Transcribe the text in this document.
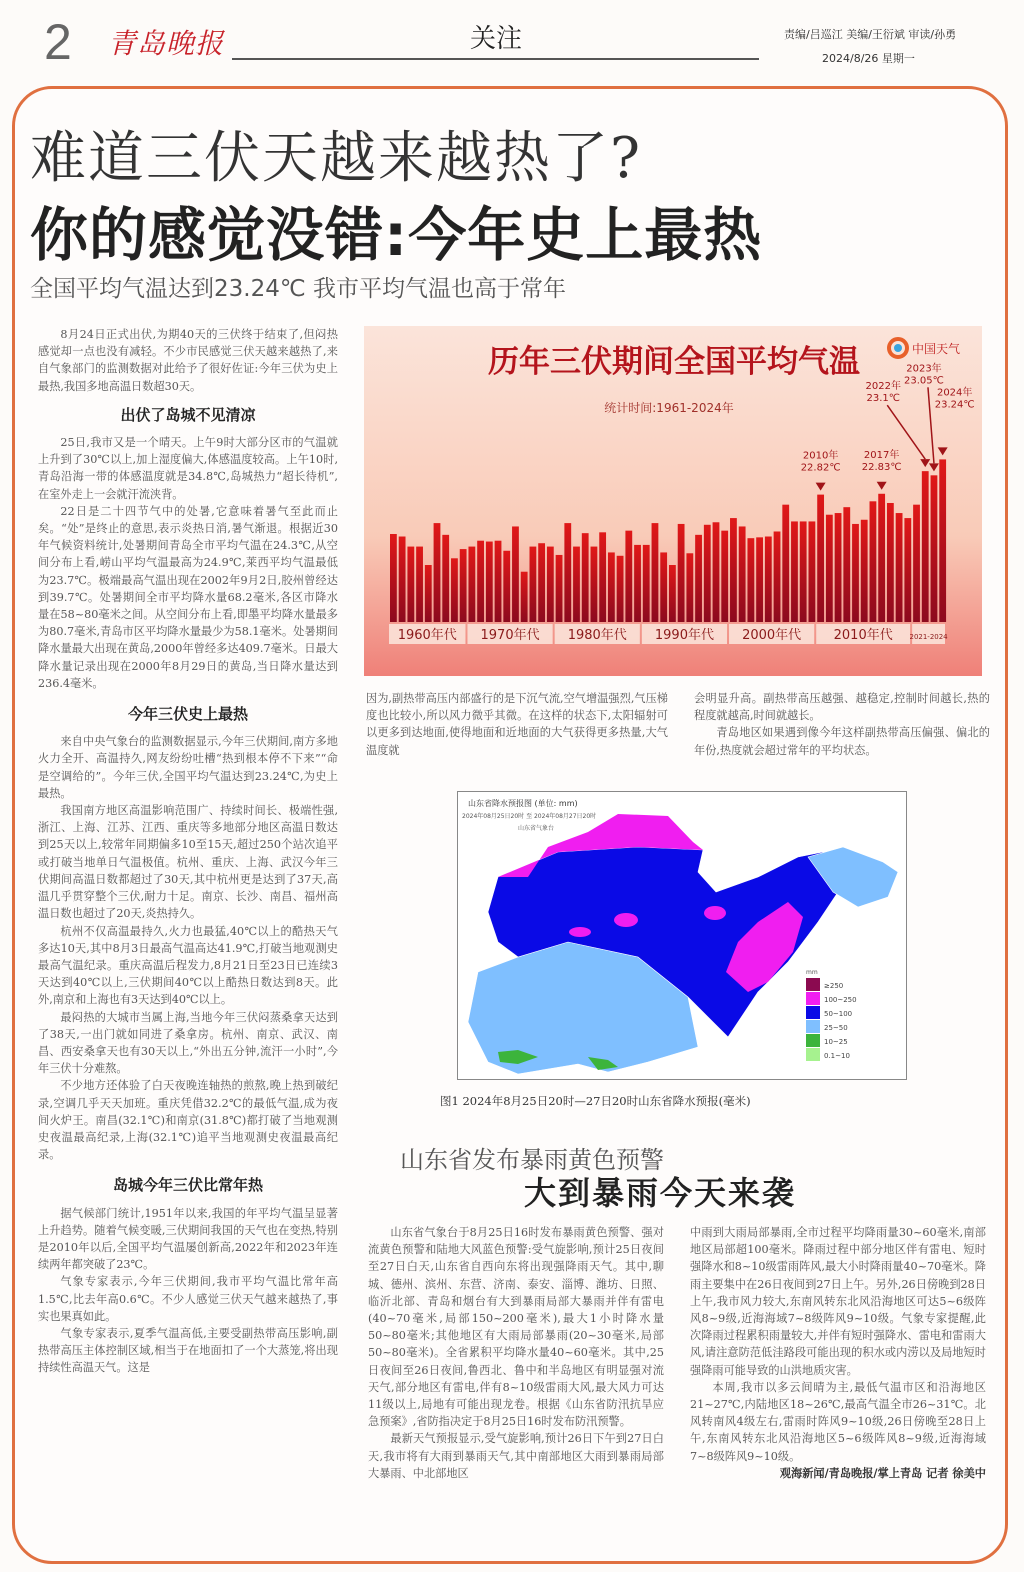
2 青岛晚报	关注	责编/吕巡江 美编/王衍斌 审读/孙勇
2024/8/26 星期一
难道三伏天越来越热了?
你的感觉没错:今年史上最热
全国平均气温达到23.24℃ 我市平均气温也高于常年

8月24日正式出伏,为期40天的三伏终于结束了,但闷热感觉却一点也没有减轻。不少市民感觉三伏天越来越热了,来自气象部门的监测数据对此给予了很好佐证:今年三伏为史上最热,我国多地高温日数超30天。

出伏了岛城不见清凉

25日,我市又是一个晴天。上午9时大部分区市的气温就上升到了30℃以上,加上湿度偏大,体感温度较高。上午10时,青岛沿海一带的体感温度就是34.8℃,岛城热力“超长待机”,在室外走上一会就汗流浃背。

22日是二十四节气中的处暑,它意味着暑气至此而止矣。“处”是终止的意思,表示炎热日消,暑气渐退。根据近30年气候资料统计,处暑期间青岛全市平均气温在24.3℃,从空间分布上看,崂山平均气温最高为24.9℃,莱西平均气温最低为23.7℃。极端最高气温出现在2002年9月2日,胶州曾经达到39.7℃。处暑期间全市平均降水量68.2毫米,各区市降水量在58~80毫米之间。从空间分布上看,即墨平均降水量最多为80.7毫米,青岛市区平均降水量最少为58.1毫米。处暑期间降水量最大出现在黄岛,2000年曾经多达409.7毫米。日最大降水量记录出现在2000年8月29日的黄岛,当日降水量达到236.4毫米。

今年三伏史上最热

来自中央气象台的监测数据显示,今年三伏期间,南方多地火力全开、高温持久,网友纷纷吐槽“热到根本停不下来”“命是空调给的”。今年三伏,全国平均气温达到23.24℃,为史上最热。

我国南方地区高温影响范围广、持续时间长、极端性强,浙江、上海、江苏、江西、重庆等多地部分地区高温日数达到25天以上,较常年同期偏多10至15天,超过250个站次追平或打破当地单日气温极值。杭州、重庆、上海、武汉今年三伏期间高温日数都超过了30天,其中杭州更是达到了37天,高温几乎贯穿整个三伏,耐力十足。南京、长沙、南昌、福州高温日数也超过了20天,炎热持久。

杭州不仅高温最持久,火力也最猛,40℃以上的酷热天气多达10天,其中8月3日最高气温高达41.9℃,打破当地观测史最高气温纪录。重庆高温后程发力,8月21日至23日已连续3天达到40℃以上,三伏期间40℃以上酷热日数达到8天。此外,南京和上海也有3天达到40℃以上。

最闷热的大城市当属上海,当地今年三伏闷蒸桑拿天达到了38天,一出门就如同进了桑拿房。杭州、南京、武汉、南昌、西安桑拿天也有30天以上,“外出五分钟,流汗一小时”,今年三伏十分难熬。

不少地方还体验了白天夜晚连轴热的煎熬,晚上热到破纪录,空调几乎天天加班。重庆凭借32.2℃的最低气温,成为夜间火炉王。南昌(32.1℃)和南京(31.8℃)都打破了当地观测史夜温最高纪录,上海(32.1℃)追平当地观测史夜温最高纪录。

岛城今年三伏比常年热

据气候部门统计,1951年以来,我国的年平均气温呈显著上升趋势。随着气候变暖,三伏期间我国的天气也在变热,特别是2010年以后,全国平均气温屡创新高,2022年和2023年连续两年都突破了23℃。

气象专家表示,今年三伏期间,我市平均气温比常年高1.5℃,比去年高0.6℃。不少人感觉三伏天气越来越热了,事实也果真如此。

气象专家表示,夏季气温高低,主要受副热带高压影响,副热带高压主体控制区域,相当于在地面扣了一个大蒸笼,将出现持续性高温天气。这是

历年三伏期间全国平均气温	中国天气
统计时间:1961-2024年
2010年
22.82℃
2017年
22.83℃
2022年
23.1℃
2023年
23.05℃
2024年
23.24℃
1960年代 1970年代 1980年代 1990年代 2000年代 2010年代 2021-2024

因为,副热带高压内部盛行的是下沉气流,空气增温强烈,气压梯度也比较小,所以风力微乎其微。在这样的状态下,太阳辐射可以更多到达地面,使得地面和近地面的大气获得更多热量,大气温度就

会明显升高。副热带高压越强、越稳定,控制时间越长,热的程度就越高,时间就越长。

青岛地区如果遇到像今年这样副热带高压偏强、偏北的年份,热度就会超过常年的平均状态。

山东省降水预报图 (单位: mm)
2024年08月25日20时 至 2024年08月27日20时
山东省气象台
mm
≥250
100~250
50~100
25~50
10~25
0.1~10
图1 2024年8月25日20时—27日20时山东省降水预报(毫米)
山东省发布暴雨黄色预警
大到暴雨今天来袭

山东省气象台于8月25日16时发布暴雨黄色预警、强对流黄色预警和陆地大风蓝色预警:受气旋影响,预计25日夜间至27日白天,山东省自西向东将出现强降雨天气。其中,聊城、德州、滨州、东营、济南、泰安、淄博、潍坊、日照、临沂北部、青岛和烟台有大到暴雨局部大暴雨并伴有雷电(40~70毫米,局部150~200毫米),最大1小时降水量50~80毫米;其他地区有大雨局部暴雨(20~30毫米,局部50~80毫米)。全省累积平均降水量40~60毫米。其中,25日夜间至26日夜间,鲁西北、鲁中和半岛地区有明显强对流天气,部分地区有雷电,伴有8~10级雷雨大风,最大风力可达11级以上,局地有可能出现龙卷。根据《山东省防汛抗旱应急预案》,省防指决定于8月25日16时发布防汛预警。

最新天气预报显示,受气旋影响,预计26日下午到27日白天,我市将有大雨到暴雨天气,其中南部地区大雨到暴雨局部大暴雨、中北部地区

中雨到大雨局部暴雨,全市过程平均降雨量30~60毫米,南部地区局部超100毫米。降雨过程中部分地区伴有雷电、短时强降水和8~10级雷雨阵风,最大小时降雨量40~70毫米。降雨主要集中在26日夜间到27日上午。另外,26日傍晚到28日上午,我市风力较大,东南风转东北风沿海地区可达5~6级阵风8~9级,近海海域7~8级阵风9~10级。气象专家提醒,此次降雨过程累积雨量较大,并伴有短时强降水、雷电和雷雨大风,请注意防范低洼路段可能出现的积水或内涝以及局地短时强降雨可能导致的山洪地质灾害。

本周,我市以多云间晴为主,最低气温市区和沿海地区21~27℃,内陆地区18~26℃,最高气温全市26~31℃。北风转南风4级左右,雷雨时阵风9~10级,26日傍晚至28日上午,东南风转东北风沿海地区5~6级阵风8~9级,近海海域7~8级阵风9~10级。

观海新闻/青岛晚报/掌上青岛 记者 徐美中
